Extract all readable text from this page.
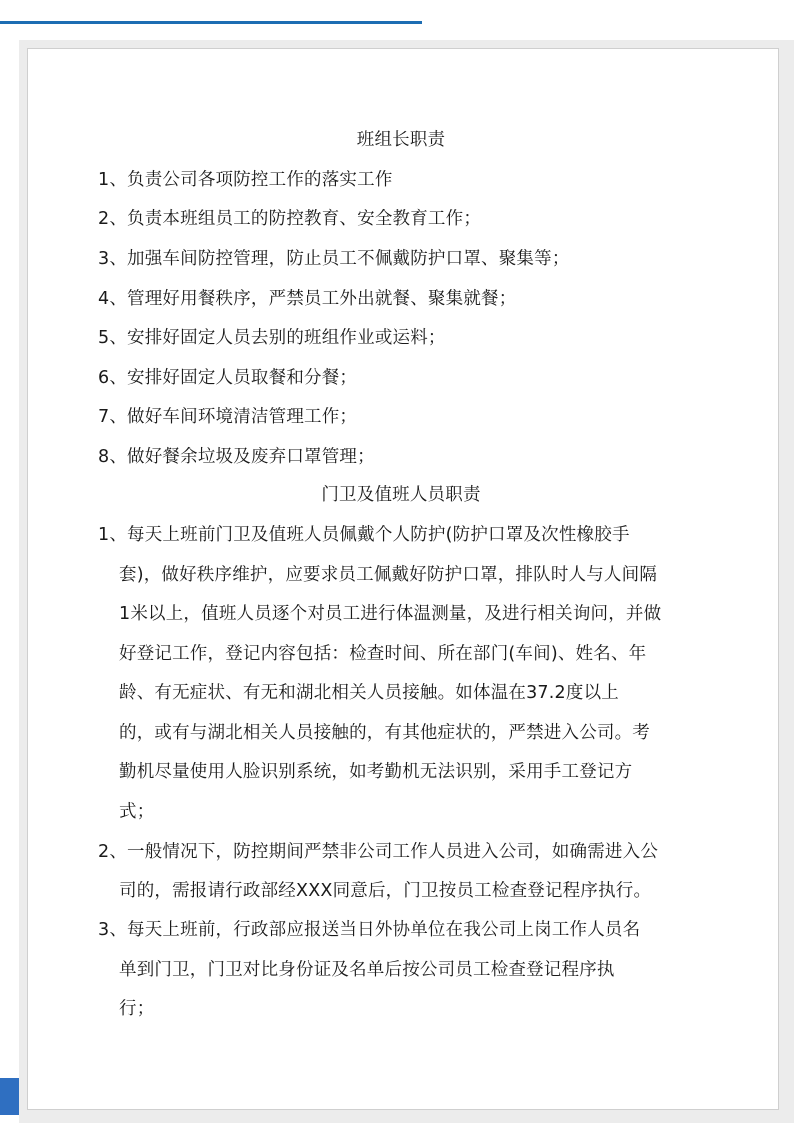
班组长职责

1、负责公司各项防控工作的落实工作

2、负责本班组员工的防控教育、安全教育工作；

3、加强车间防控管理，防止员工不佩戴防护口罩、聚集等；

4、管理好用餐秩序，严禁员工外出就餐、聚集就餐；

5、安排好固定人员去别的班组作业或运料；

6、安排好固定人员取餐和分餐；

7、做好车间环境清洁管理工作；

8、做好餐余垃圾及废弃口罩管理；

门卫及值班人员职责

1、每天上班前门卫及值班人员佩戴个人防护(防护口罩及次性橡胶手

套)，做好秩序维护，应要求员工佩戴好防护口罩，排队时人与人间隔

1米以上，值班人员逐个对员工进行体温测量，及进行相关询问，并做

好登记工作，登记内容包括：检查时间、所在部门(车间)、姓名、年

龄、有无症状、有无和湖北相关人员接触。如体温在37.2度以上

的，或有与湖北相关人员接触的，有其他症状的，严禁进入公司。考

勤机尽量使用人脸识别系统，如考勤机无法识别，采用手工登记方

式；

2、一般情况下，防控期间严禁非公司工作人员进入公司，如确需进入公

司的，需报请行政部经XXX同意后，门卫按员工检查登记程序执行。

3、每天上班前，行政部应报送当日外协单位在我公司上岗工作人员名

单到门卫，门卫对比身份证及名单后按公司员工检查登记程序执

行；
